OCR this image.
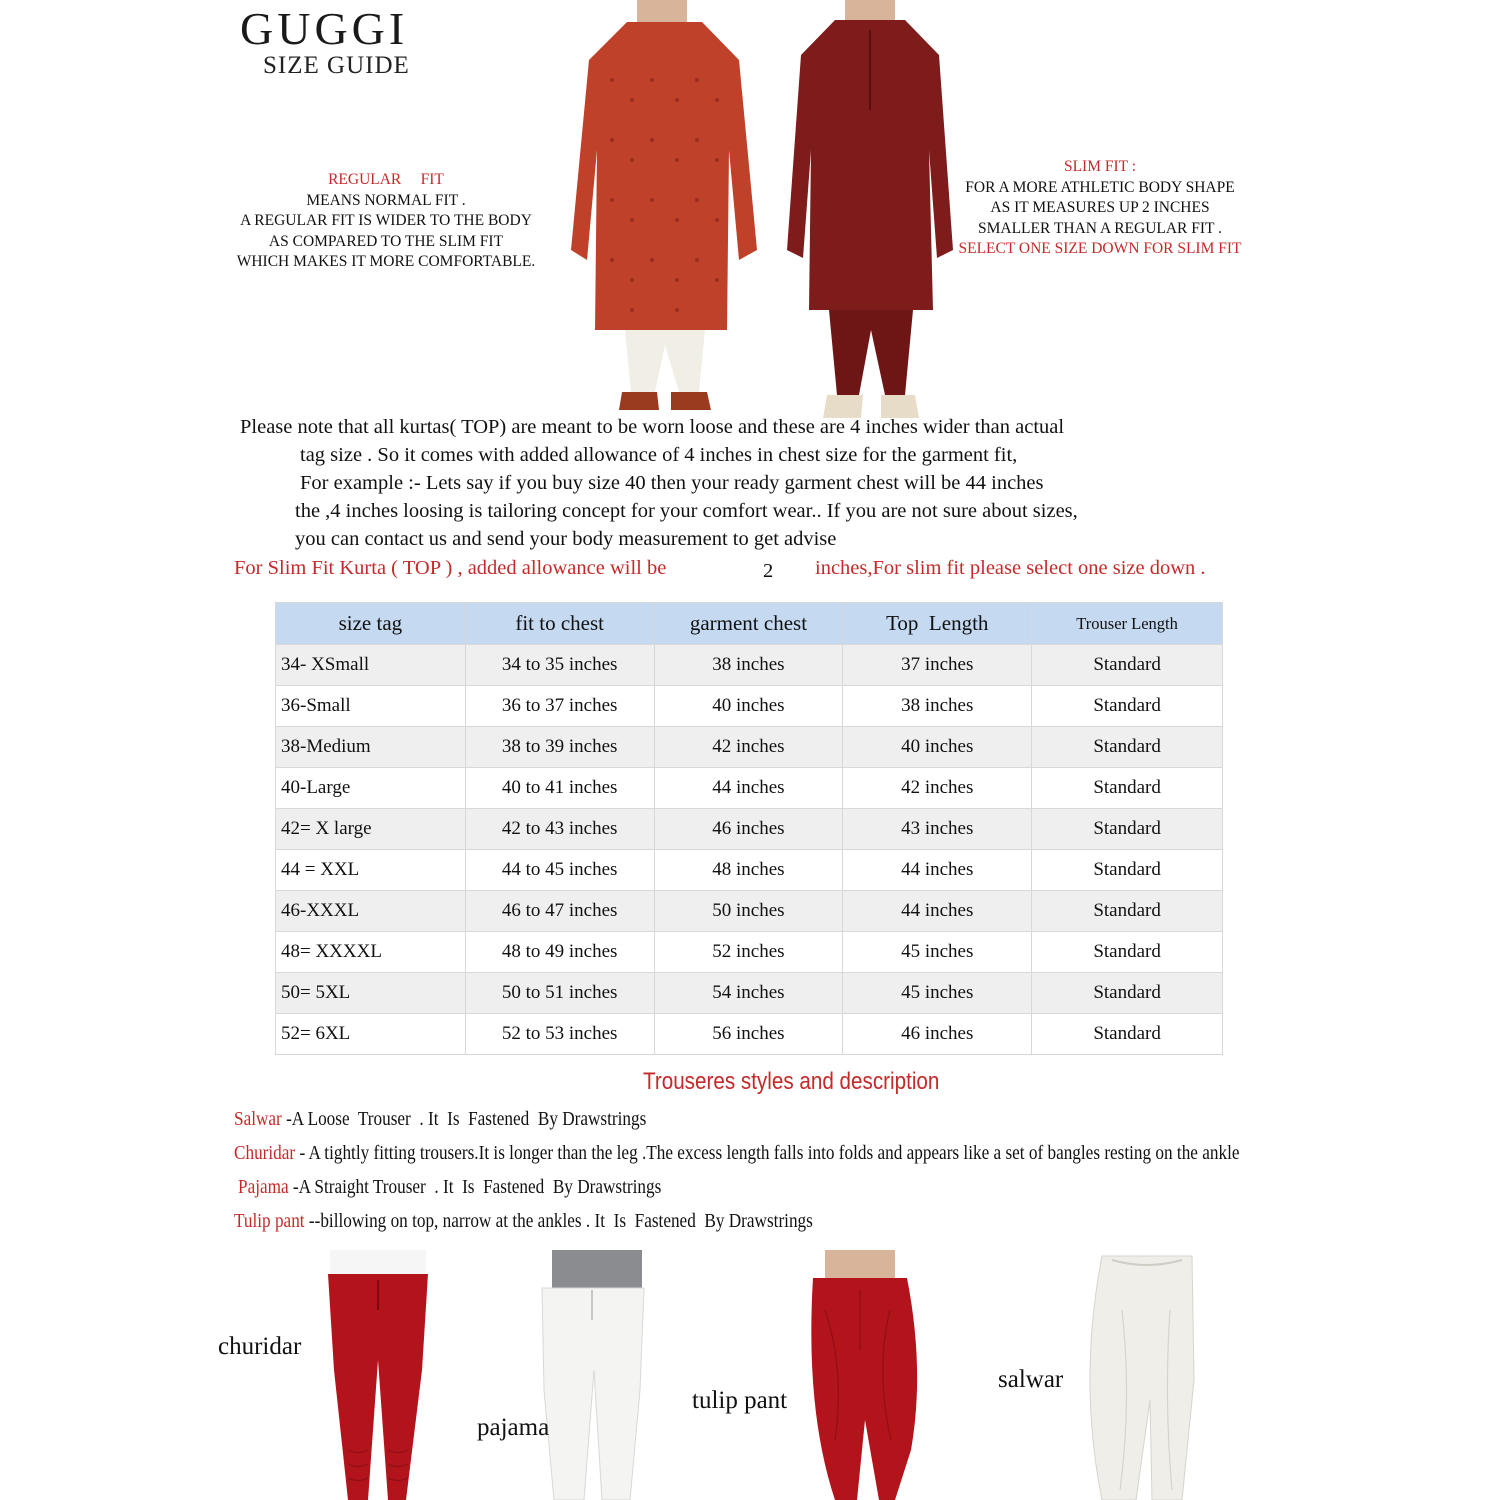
GUGGI
SIZE GUIDE
REGULAR     FIT
MEANS NORMAL FIT .
A REGULAR FIT IS WIDER TO THE BODY
AS COMPARED TO THE SLIM FIT
WHICH MAKES IT MORE COMFORTABLE.
SLIM FIT :
FOR A MORE ATHLETIC BODY SHAPE
AS IT MEASURES UP 2 INCHES
SMALLER THAN A REGULAR FIT .
SELECT ONE SIZE DOWN FOR SLIM FIT
Please note that all kurtas( TOP) are meant to be worn loose and these are 4 inches wider than actual
tag size . So it comes with added allowance of 4 inches in chest size for the garment fit,
For example :- Lets say if you buy size 40 then your ready garment chest will be 44 inches
the ,4 inches loosing is tailoring concept for your comfort wear.. If you are not sure about sizes,
you can contact us and send your body measurement to get advise
For Slim Fit Kurta ( TOP ) , added allowance will be	2 inches,For slim fit please select one size down .
size tag	fit to chest	garment chest	Top  Length	Trouser Length
34- XSmall	34 to 35 inches	38 inches	37 inches	Standard
36-Small	36 to 37 inches	40 inches	38 inches	Standard
38-Medium	38 to 39 inches	42 inches	40 inches	Standard
40-Large	40 to 41 inches	44 inches	42 inches	Standard
42= X large	42 to 43 inches	46 inches	43 inches	Standard
44 = XXL	44 to 45 inches	48 inches	44 inches	Standard
46-XXXL	46 to 47 inches	50 inches	44 inches	Standard
48= XXXXL	48 to 49 inches	52 inches	45 inches	Standard
50= 5XL	50 to 51 inches	54 inches	45 inches	Standard
52= 6XL	52 to 53 inches	56 inches	46 inches	Standard
Trouseres styles and description
Salwar -A Loose  Trouser  . It  Is  Fastened  By Drawstrings
Churidar - A tightly fitting trousers.It is longer than the leg .The excess length falls into folds and appears like a set of bangles resting on the ankle
Pajama -A Straight Trouser  . It  Is  Fastened  By Drawstrings
Tulip pant --billowing on top, narrow at the ankles . It  Is  Fastened  By Drawstrings
churidar
pajama
tulip pant
salwar
